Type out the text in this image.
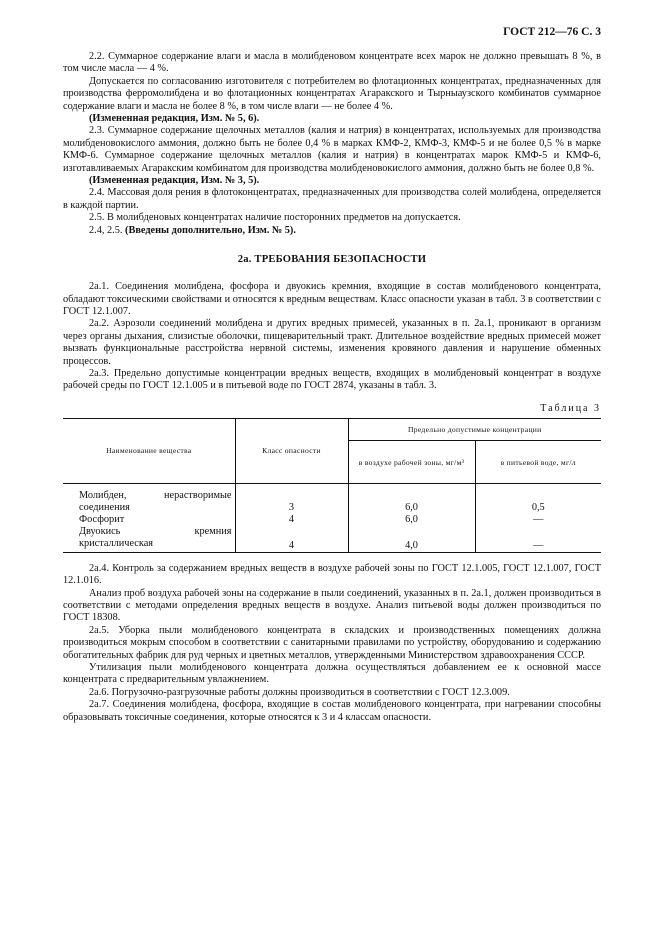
ГОСТ 212—76 С. 3

2.2. Суммарное содержание влаги и масла в молибденовом концентрате всех марок не должно превышать 8 %, в том числе масла — 4 %.

Допускается по согласованию изготовителя с потребителем во флотационных концентратах, предназначенных для производства ферромолибдена и во флотационных концентратах Агаракского и Тырныаузского комбинатов суммарное содержание влаги и масла не более 8 %, в том числе влаги — не более 4 %.

(Измененная редакция, Изм. № 5, 6).

2.3. Суммарное содержание щелочных металлов (калия и натрия) в концентратах, используемых для производства молибденовокислого аммония, должно быть не более 0,4 % в марках КМФ-2, КМФ-3, КМФ-5 и не более 0,5 % в марке КМФ-6. Суммарное содержание щелочных металлов (калия и натрия) в концентратах марок КМФ-5 и КМФ-6, изготавливаемых Агаракским комбинатом для производства молибденовокислого аммония, должно быть не более 0,8 %.

(Измененная редакция, Изм. № 3, 5).

2.4. Массовая доля рения в флотоконцентратах, предназначенных для производства солей молибдена, определяется в каждой партии.

2.5. В молибденовых концентратах наличие посторонних предметов на допускается.

2.4, 2.5. (Введены дополнительно, Изм. № 5).

2а. ТРЕБОВАНИЯ БЕЗОПАСНОСТИ

2а.1. Соединения молибдена, фосфора и двуокись кремния, входящие в состав молибденового концентрата, обладают токсическими свойствами и относятся к вредным веществам. Класс опасности указан в табл. 3 в соответствии с ГОСТ 12.1.007.

2а.2. Аэрозоли соединений молибдена и других вредных примесей, указанных в п. 2а.1, проникают в организм через органы дыхания, слизистые оболочки, пищеварительный тракт. Длительное воздействие вредных примесей может вызвать функциональные расстройства нервной системы, изменения кровяного давления и нарушение обменных процессов.

2а.3. Предельно допустимые концентрации вредных веществ, входящих в молибденовый концентрат в воздухе рабочей среды по ГОСТ 12.1.005 и в питьевой воде по ГОСТ 2874, указаны в табл. 3.

Таблица 3
Наименование вещества	Класс опасности	Предельно допустимые концентрации	
		в воздухе рабочей зоны, мг/м³	в питьевой воде, мг/л

Молибден, нерастворимые соединения	3	6,0	0,5
Фосфорит	4	6,0	—
Двуокись кремния кристаллическая	4	4,0	—

2а.4. Контроль за содержанием вредных веществ в воздухе рабочей зоны по ГОСТ 12.1.005, ГОСТ 12.1.007, ГОСТ 12.1.016.

Анализ проб воздуха рабочей зоны на содержание в пыли соединений, указанных в п. 2а.1, должен производиться в соответствии с методами определения вредных веществ в воздухе. Анализ питьевой воды должен производиться по ГОСТ 18308.

2а.5. Уборка пыли молибденового концентрата в складских и производственных помещениях должна производиться мокрым способом в соответствии с санитарными правилами по устройству, оборудованию и содержанию обогатительных фабрик для руд черных и цветных металлов, утвержденными Министерством здравоохранения СССР.

Утилизация пыли молибденового концентрата должна осуществляться добавлением ее к основной массе концентрата с предварительным увлажнением.

2а.6. Погрузочно-разгрузочные работы должны производиться в соответствии с ГОСТ 12.3.009.

2а.7. Соединения молибдена, фосфора, входящие в состав молибденового концентрата, при нагревании способны образовывать токсичные соединения, которые относятся к 3 и 4 классам опасности.
